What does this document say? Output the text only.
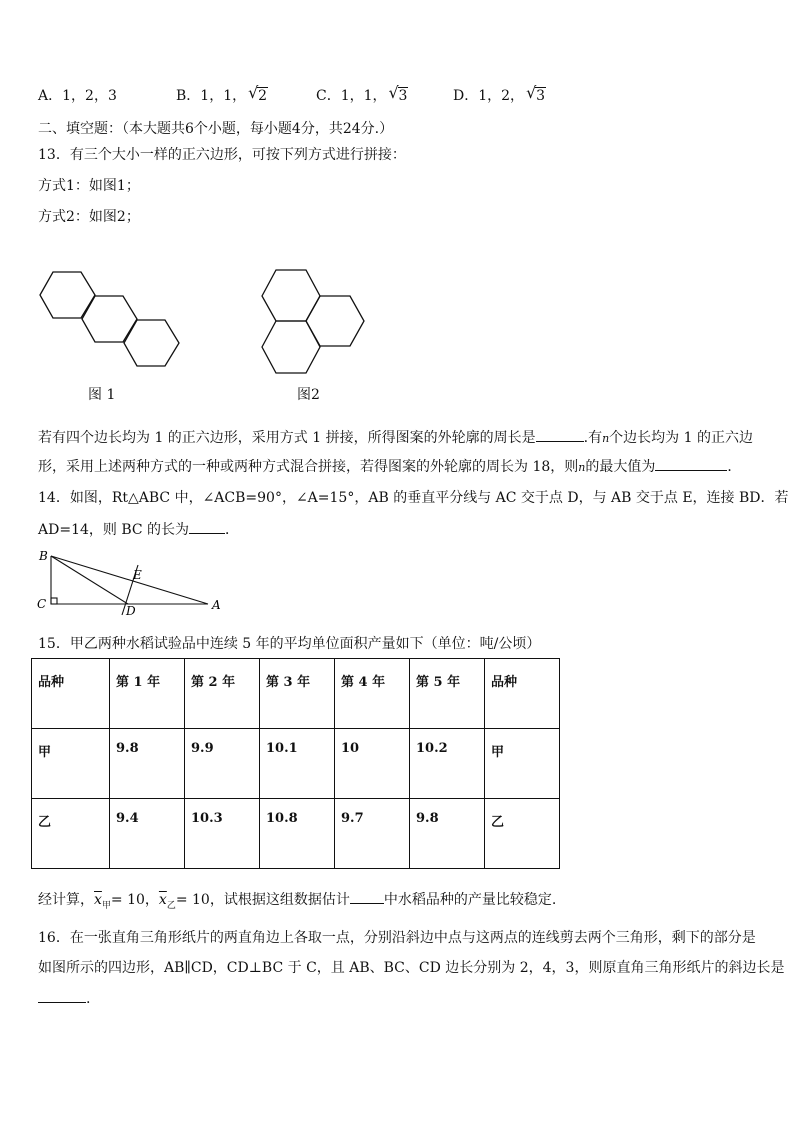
A．1，2，3	B．1，1， √ 2	C．1，1， √ 3	D．1，2， √ 3
二、填空题：（本大题共6个小题，每小题4分，共24分.）
13．有三个大小一样的正六边形，可按下列方式进行拼接：
方式1：如图1；
方式2：如图2；
图 1	图2
若有四个边长均为 1 的正六边形，采用方式 1 拼接，所得图案的外轮廓的周长是	.有n个边长均为 1 的正六边
形，采用上述两种方式的一种或两种方式混合拼接，若得图案的外轮廓的周长为 18，则n的最大值为	．
14．如图，Rt△ABC 中，∠ACB=90°，∠A=15°，AB 的垂直平分线与 AC 交于点 D，与 AB 交于点 E，连接 BD．若
AD=14，则 BC 的长为	．
B
C	D
E
A
15．甲乙两种水稻试验品中连续 5 年的平均单位面积产量如下（单位：吨/公顷）
品种	第 1 年	第 2 年	第 3 年	第 4 年	第 5 年	品种
甲	9.8	9.9	10.1	10	10.2	甲
乙	9.4	10.3	10.8	9.7	9.8	乙
经计算，$\overline{x}_甲= 10$，$\overline{x}_乙= 10$，试根据这组数据估计 中水稻品种的产量比较稳定.
16．在一张直角三角形纸片的两直角边上各取一点，分别沿斜边中点与这两点的连线剪去两个三角形，剩下的部分是
如图所示的四边形，AB∥CD，CD⊥BC 于 C，且 AB、BC、CD 边长分别为 2，4，3，则原直角三角形纸片的斜边长是
.
